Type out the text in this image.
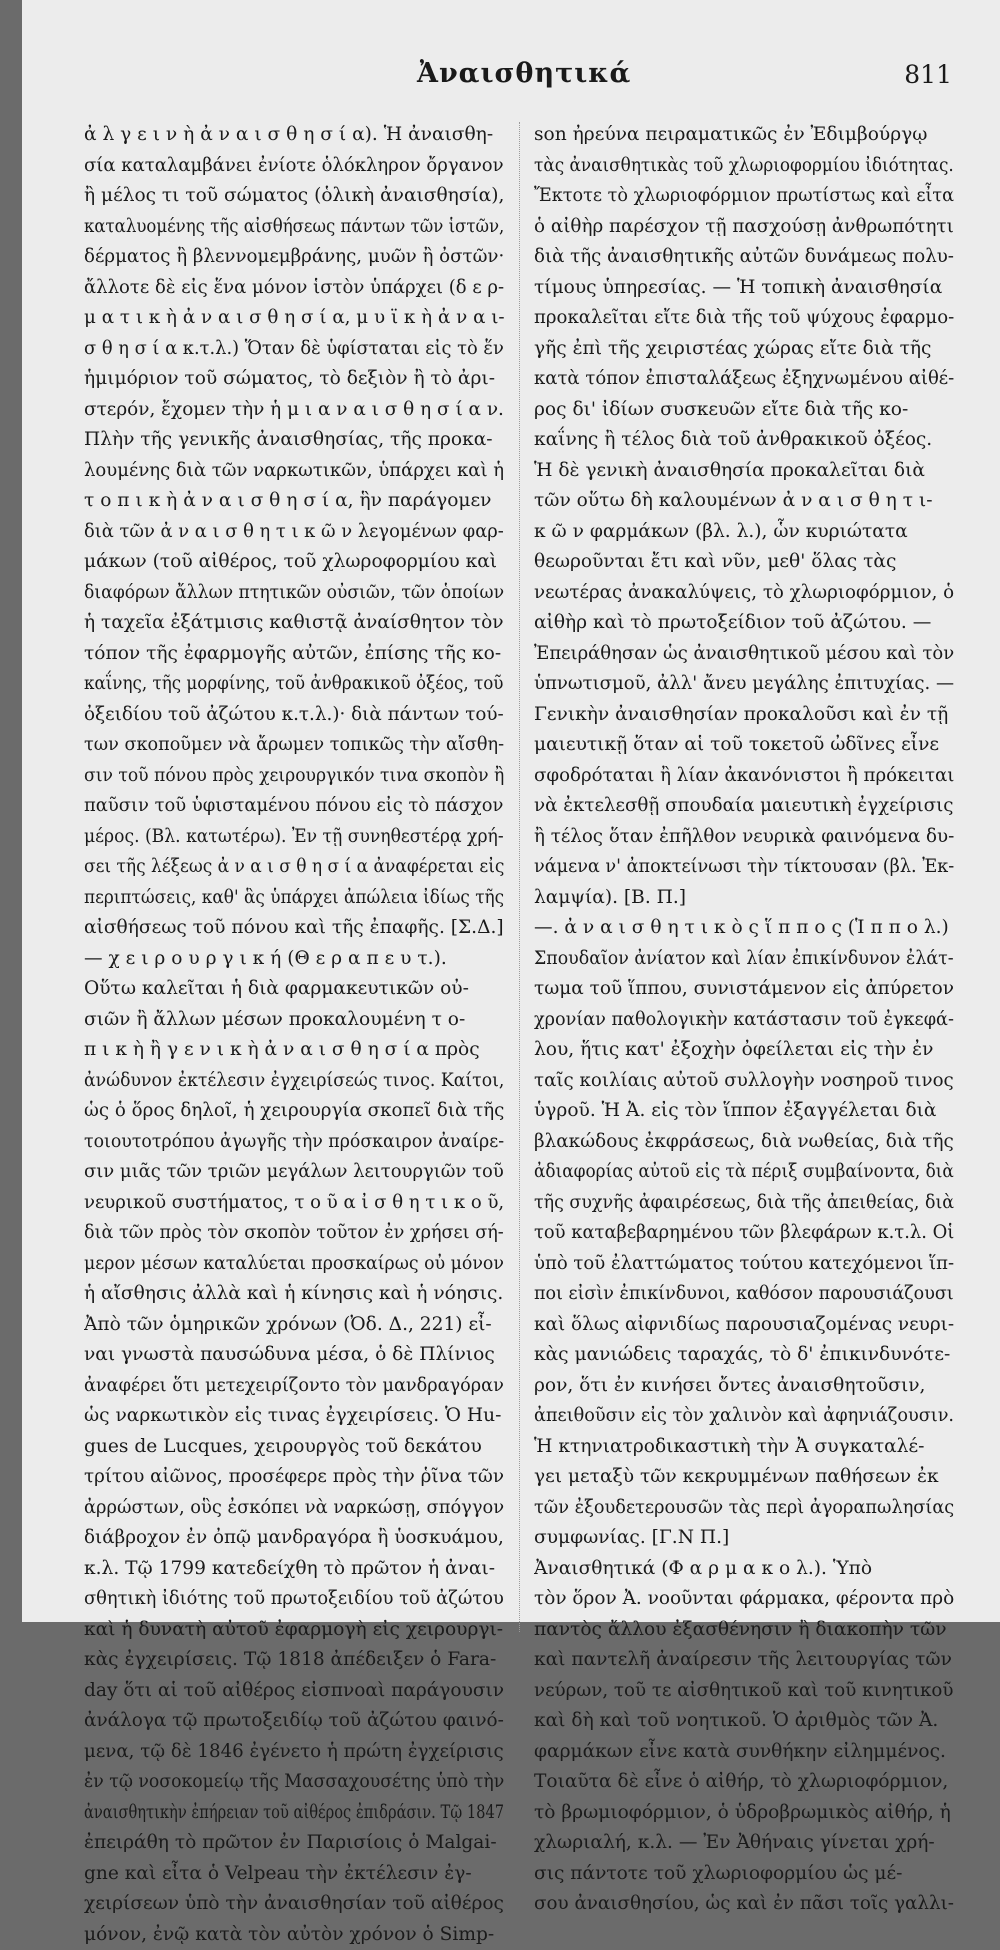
Ἀναισθητικά	811
ἀ λ γ ε ι ν ὴ ἀ ν α ι σ θ η σ ί α). Ἡ ἀναισθη-
σία καταλαμβάνει ἐνίοτε ὁλόκληρον ὄργανον
ἢ μέλος τι τοῦ σώματος (ὁλικὴ ἀναισθησία),
καταλυομένης τῆς αἰσθήσεως πάντων τῶν ἱστῶν,
δέρματος ἢ βλεννομεμβράνης, μυῶν ἢ ὀστῶν·
ἄλλοτε δὲ εἰς ἕνα μόνον ἱστὸν ὑπάρχει (δ ε ρ-
μ α τ ι κ ὴ ἀ ν α ι σ θ η σ ί α, μ υ ϊ κ ὴ ἀ ν α ι-
σ θ η σ ί α κ.τ.λ.) Ὅταν δὲ ὑφίσταται εἰς τὸ ἕν
ἡμιμόριον τοῦ σώματος, τὸ δεξιὸν ἢ τὸ ἀρι-
στερόν, ἔχομεν τὴν ἡ μ ι α ν α ι σ θ η σ ί α ν.
Πλὴν τῆς γενικῆς ἀναισθησίας, τῆς προκα-
λουμένης διὰ τῶν ναρκωτικῶν, ὑπάρχει καὶ ἡ
τ ο π ι κ ὴ ἀ ν α ι σ θ η σ ί α, ἣν παράγομεν
διὰ τῶν ἀ ν α ι σ θ η τ ι κ ῶ ν λεγομένων φαρ-
μάκων (τοῦ αἰθέρος, τοῦ χλωροφορμίου καὶ
διαφόρων ἄλλων πτητικῶν οὐσιῶν, τῶν ὁποίων
ἡ ταχεῖα ἐξάτμισις καθιστᾷ ἀναίσθητον τὸν
τόπον τῆς ἐφαρμογῆς αὐτῶν, ἐπίσης τῆς κο-
καΐνης, τῆς μορφίνης, τοῦ ἀνθρακικοῦ ὀξέος, τοῦ
ὀξειδίου τοῦ ἀζώτου κ.τ.λ.)· διὰ πάντων τού-
των σκοποῦμεν νὰ ἄρωμεν τοπικῶς τὴν αἴσθη-
σιν τοῦ πόνου πρὸς χειρουργικόν τινα σκοπὸν ἢ
παῦσιν τοῦ ὑφισταμένου πόνου εἰς τὸ πάσχον
μέρος. (Βλ. κατωτέρω). Ἐν τῇ συνηθεστέρᾳ χρή-
σει τῆς λέξεως ἀ ν α ι σ θ η σ ί α ἀναφέρεται εἰς
περιπτώσεις, καθ' ἃς ὑπάρχει ἀπώλεια ἰδίως τῆς
αἰσθήσεως τοῦ πόνου καὶ τῆς ἐπαφῆς. [Σ.Δ.]
— χ ε ι ρ ο υ ρ γ ι κ ή (Θ ε ρ α π ε υ τ.).
Οὕτω καλεῖται ἡ διὰ φαρμακευτικῶν οὐ-
σιῶν ἢ ἄλλων μέσων προκαλουμένη τ ο-
π ι κ ὴ ἢ γ ε ν ι κ ὴ ἀ ν α ι σ θ η σ ί α πρὸς
ἀνώδυνον ἐκτέλεσιν ἐγχειρίσεώς τινος. Καίτοι,
ὡς ὁ ὅρος δηλοῖ, ἡ χειρουργία σκοπεῖ διὰ τῆς
τοιουτοτρόπου ἀγωγῆς τὴν πρόσκαιρον ἀναίρε-
σιν μιᾶς τῶν τριῶν μεγάλων λειτουργιῶν τοῦ
νευρικοῦ συστήματος, τ ο ῦ α ἰ σ θ η τ ι κ ο ῦ,
διὰ τῶν πρὸς τὸν σκοπὸν τοῦτον ἐν χρήσει σή-
μερον μέσων καταλύεται προσκαίρως οὐ μόνον
ἡ αἴσθησις ἀλλὰ καὶ ἡ κίνησις καὶ ἡ νόησις.
Ἀπὸ τῶν ὁμηρικῶν χρόνων (Ὀδ. Δ., 221) εἶ-
ναι γνωστὰ παυσώδυνα μέσα, ὁ δὲ Πλίνιος
ἀναφέρει ὅτι μετεχειρίζοντο τὸν μανδραγόραν
ὡς ναρκωτικὸν εἰς τινας ἐγχειρίσεις. Ὁ Hu-
gues de Lucques, χειρουργὸς τοῦ δεκάτου
τρίτου αἰῶνος, προσέφερε πρὸς τὴν ῥῖνα τῶν
ἀρρώστων, οὓς ἐσκόπει νὰ ναρκώσῃ, σπόγγον
διάβροχον ἐν ὀπῷ μανδραγόρα ἢ ὑοσκυάμου,
κ.λ. Τῷ 1799 κατεδείχθη τὸ πρῶτον ἡ ἀναι-
σθητικὴ ἰδιότης τοῦ πρωτοξειδίου τοῦ ἀζώτου
καὶ ἡ δυνατὴ αὐτοῦ ἐφαρμογὴ εἰς χειρουργι-
κὰς ἐγχειρίσεις. Τῷ 1818 ἀπέδειξεν ὁ Fara-
day ὅτι αἱ τοῦ αἰθέρος εἰσπνοαὶ παράγουσιν
ἀνάλογα τῷ πρωτοξειδίῳ τοῦ ἀζώτου φαινό-
μενα, τῷ δὲ 1846 ἐγένετο ἡ πρώτη ἐγχείρισις
ἐν τῷ νοσοκομείῳ τῆς Μασσαχουσέτης ὑπὸ τὴν
ἀναισθητικὴν ἐπήρειαν τοῦ αἰθέρος ἐπιδράσιν. Τῷ 1847
ἐπειράθη τὸ πρῶτον ἐν Παρισίοις ὁ Malgai-
gne καὶ εἶτα ὁ Velpeau τὴν ἐκτέλεσιν ἐγ-
χειρίσεων ὑπὸ τὴν ἀναισθησίαν τοῦ αἰθέρος
μόνον, ἐνῷ κατὰ τὸν αὐτὸν χρόνον ὁ Simp-
son ἠρεύνα πειραματικῶς ἐν Ἐδιμβούργῳ
τὰς ἀναισθητικὰς τοῦ χλωριοφορμίου ἰδιότητας.
Ἔκτοτε τὸ χλωριοφόρμιον πρωτίστως καὶ εἶτα
ὁ αἰθὴρ παρέσχον τῇ πασχούσῃ ἀνθρωπότητι
διὰ τῆς ἀναισθητικῆς αὐτῶν δυνάμεως πολυ-
τίμους ὑπηρεσίας. — Ἡ τοπικὴ ἀναισθησία
προκαλεῖται εἴτε διὰ τῆς τοῦ ψύχους ἐφαρμο-
γῆς ἐπὶ τῆς χειριστέας χώρας εἴτε διὰ τῆς
κατὰ τόπον ἐπισταλάξεως ἐξηχνωμένου αἰθέ-
ρος δι' ἰδίων συσκευῶν εἴτε διὰ τῆς κο-
καΐνης ἢ τέλος διὰ τοῦ ἀνθρακικοῦ ὀξέος.
Ἡ δὲ γενικὴ ἀναισθησία προκαλεῖται διὰ
τῶν οὕτω δὴ καλουμένων ἀ ν α ι σ θ η τ ι-
κ ῶ ν φαρμάκων (βλ. λ.), ὧν κυριώτατα
θεωροῦνται ἔτι καὶ νῦν, μεθ' ὅλας τὰς
νεωτέρας ἀνακαλύψεις, τὸ χλωριοφόρμιον, ὁ
αἰθὴρ καὶ τὸ πρωτοξείδιον τοῦ ἀζώτου. —
Ἐπειράθησαν ὡς ἀναισθητικοῦ μέσου καὶ τὸν
ὑπνωτισμοῦ, ἀλλ' ἄνευ μεγάλης ἐπιτυχίας. —
Γενικὴν ἀναισθησίαν προκαλοῦσι καὶ ἐν τῇ
μαιευτικῇ ὅταν αἱ τοῦ τοκετοῦ ὠδῖνες εἶνε
σφοδρόταται ἢ λίαν ἀκανόνιστοι ἢ πρόκειται
νὰ ἐκτελεσθῇ σπουδαία μαιευτικὴ ἐγχείρισις
ἢ τέλος ὅταν ἐπῆλθον νευρικὰ φαινόμενα δυ-
νάμενα ν' ἀποκτείνωσι τὴν τίκτουσαν (βλ. Ἐκ-
λαμψία). [Β. Π.]
—. ἀ ν α ι σ θ η τ ι κ ὸ ς ἵ π π ο ς (Ἱ π π ο λ.)
Σπουδαῖον ἀνίατον καὶ λίαν ἐπικίνδυνον ἐλάτ-
τωμα τοῦ ἵππου, συνιστάμενον εἰς ἀπύρετον
χρονίαν παθολογικὴν κατάστασιν τοῦ ἐγκεφά-
λου, ἥτις κατ' ἐξοχὴν ὀφείλεται εἰς τὴν ἐν
ταῖς κοιλίαις αὐτοῦ συλλογὴν νοσηροῦ τινος
ὑγροῦ. Ἡ Ἀ. εἰς τὸν ἵππον ἐξαγγέλεται διὰ
βλακώδους ἐκφράσεως, διὰ νωθείας, διὰ τῆς
ἀδιαφορίας αὐτοῦ εἰς τὰ πέριξ συμβαίνοντα, διὰ
τῆς συχνῆς ἀφαιρέσεως, διὰ τῆς ἀπειθείας, διὰ
τοῦ καταβεβαρημένου τῶν βλεφάρων κ.τ.λ. Οἱ
ὑπὸ τοῦ ἐλαττώματος τούτου κατεχόμενοι ἵπ-
ποι εἰσὶν ἐπικίνδυνοι, καθόσον παρουσιάζουσι
καὶ ὅλως αἰφνιδίως παρουσιαζομένας νευρι-
κὰς μανιώδεις ταραχάς, τὸ δ' ἐπικινδυνότε-
ρον, ὅτι ἐν κινήσει ὄντες ἀναισθητοῦσιν,
ἀπειθοῦσιν εἰς τὸν χαλινὸν καὶ ἀφηνιάζουσιν.
Ἡ κτηνιατροδικαστικὴ τὴν Ἀ συγκαταλέ-
γει μεταξὺ τῶν κεκρυμμένων παθήσεων ἐκ
τῶν ἐξουδετερουσῶν τὰς περὶ ἀγοραπωλησίας
συμφωνίας. [Γ.Ν Π.]
Ἀναισθητικά (Φ α ρ μ α κ ο λ.). Ὑπὸ
τὸν ὅρον Ἀ. νοοῦνται φάρμακα, φέροντα πρὸ
παντὸς ἄλλου ἐξασθένησιν ἢ διακοπὴν τῶν
καὶ παντελῆ ἀναίρεσιν τῆς λειτουργίας τῶν
νεύρων, τοῦ τε αἰσθητικοῦ καὶ τοῦ κινητικοῦ
καὶ δὴ καὶ τοῦ νοητικοῦ. Ὁ ἀριθμὸς τῶν Ἀ.
φαρμάκων εἶνε κατὰ συνθήκην εἰλημμένος.
Τοιαῦτα δὲ εἶνε ὁ αἰθήρ, τὸ χλωριοφόρμιον,
τὸ βρωμιοφόρμιον, ὁ ὑδροβρωμικὸς αἰθήρ, ἡ
χλωριαλή, κ.λ. — Ἐν Ἀθήναις γίνεται χρή-
σις πάντοτε τοῦ χλωριοφορμίου ὡς μέ-
σου ἀναισθησίου, ὡς καὶ ἐν πᾶσι τοῖς γαλλι-
